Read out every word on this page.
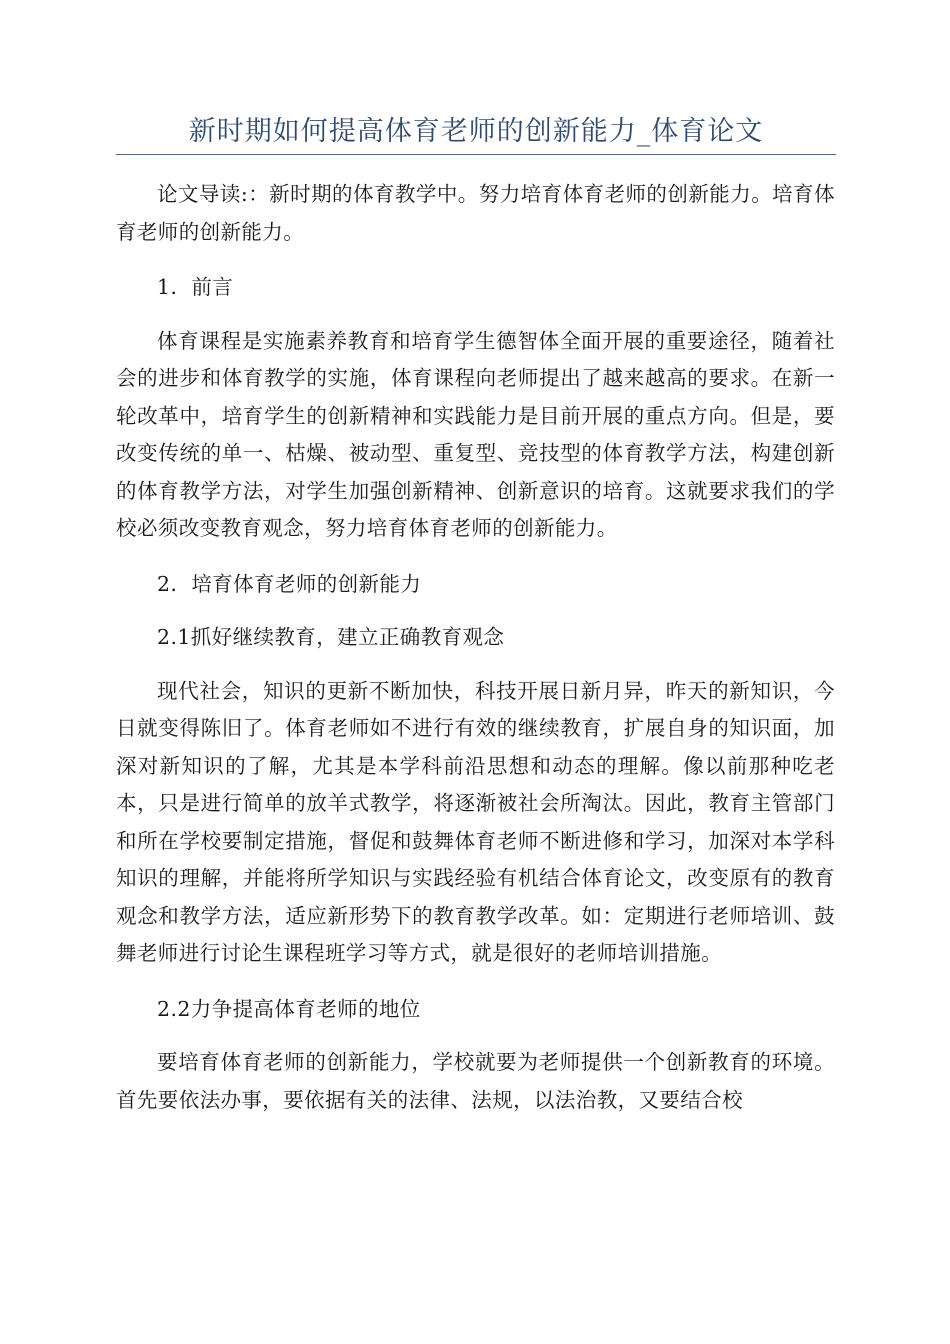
新时期如何提高体育老师的创新能力_体育论文

论文导读:：新时期的体育教学中。努力培育体育老师的创新能力。培育体育老师的创新能力。

1．前言

体育课程是实施素养教育和培育学生德智体全面开展的重要途径，随着社会的进步和体育教学的实施，体育课程向老师提出了越来越高的要求。在新一轮改革中，培育学生的创新精神和实践能力是目前开展的重点方向。但是，要改变传统的单一、枯燥、被动型、重复型、竞技型的体育教学方法，构建创新的体育教学方法，对学生加强创新精神、创新意识的培育。这就要求我们的学校必须改变教育观念，努力培育体育老师的创新能力。

2．培育体育老师的创新能力

2.1抓好继续教育，建立正确教育观念

现代社会，知识的更新不断加快，科技开展日新月异，昨天的新知识，今日就变得陈旧了。体育老师如不进行有效的继续教育，扩展自身的知识面，加深对新知识的了解，尤其是本学科前沿思想和动态的理解。像以前那种吃老本，只是进行简单的放羊式教学，将逐渐被社会所淘汰。因此，教育主管部门和所在学校要制定措施，督促和鼓舞体育老师不断进修和学习，加深对本学科知识的理解，并能将所学知识与实践经验有机结合体育论文，改变原有的教育观念和教学方法，适应新形势下的教育教学改革。如：定期进行老师培训、鼓舞老师进行讨论生课程班学习等方式，就是很好的老师培训措施。

2.2力争提高体育老师的地位

要培育体育老师的创新能力，学校就要为老师提供一个创新教育的环境。首先要依法办事，要依据有关的法律、法规，以法治教，又要结合校
